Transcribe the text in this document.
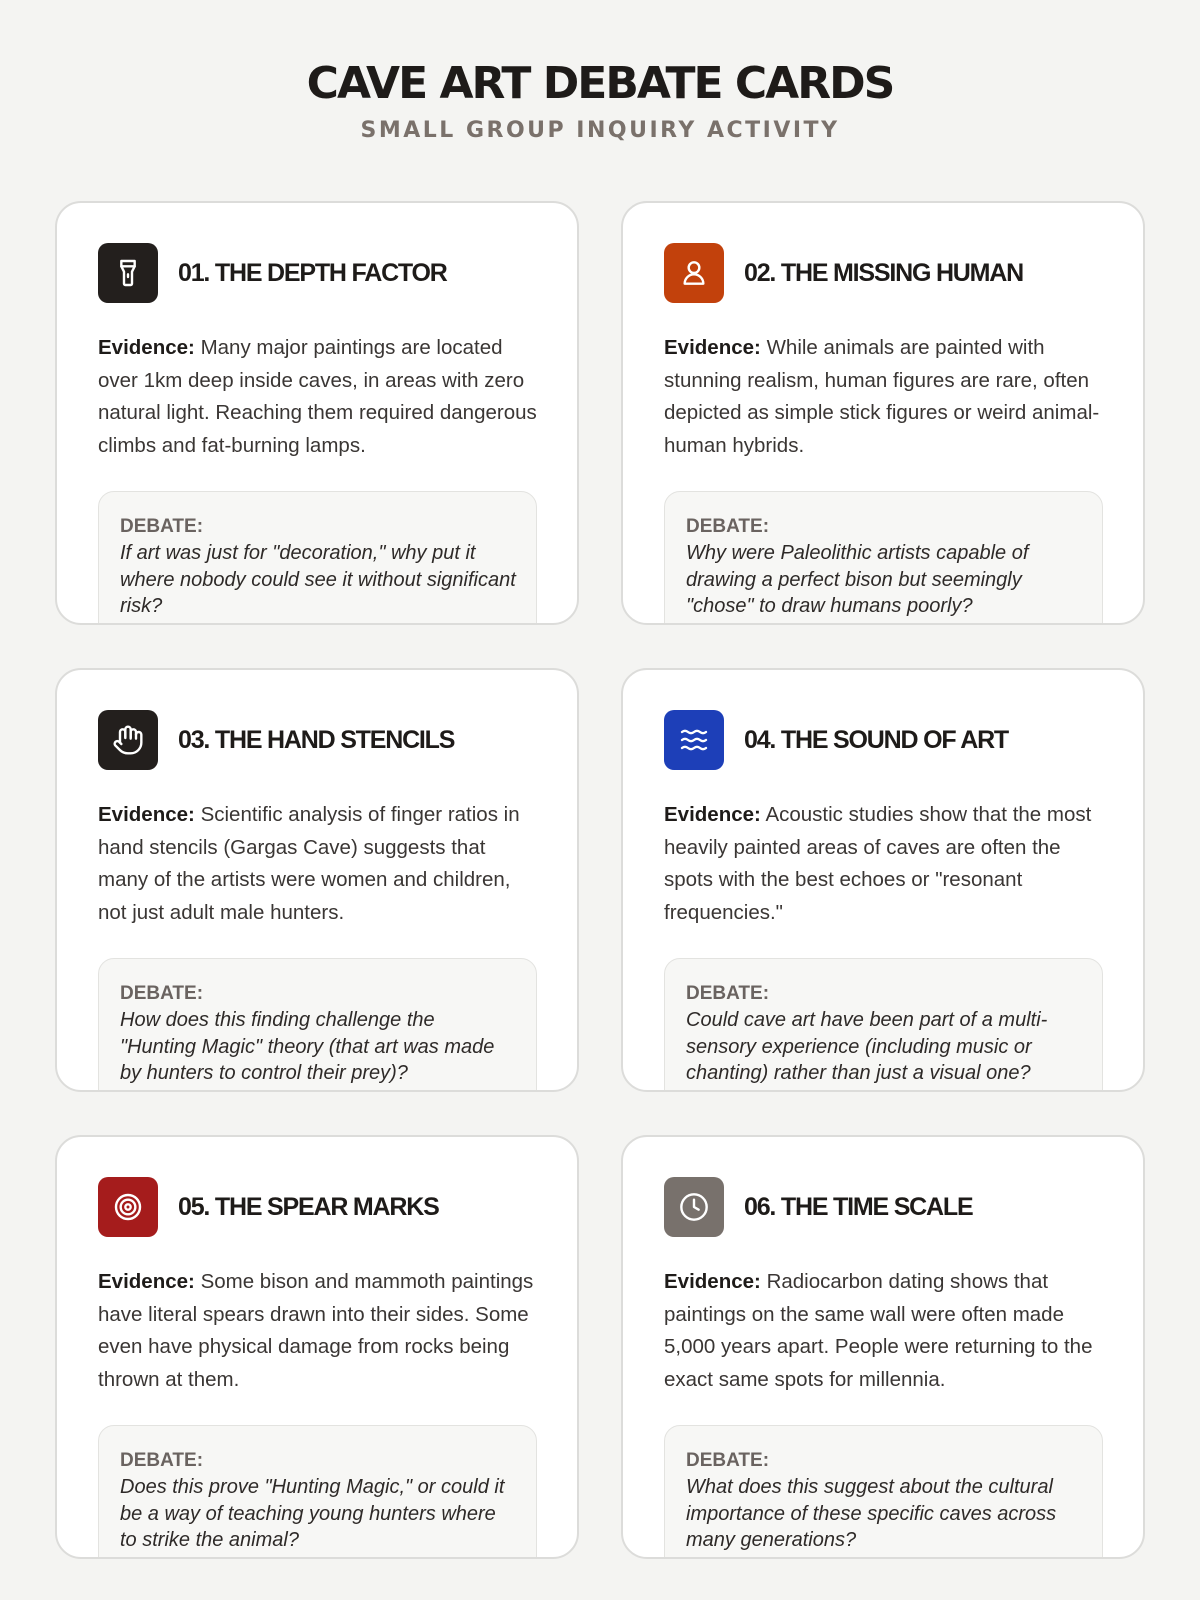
CAVE ART DEBATE CARDS
SMALL GROUP INQUIRY ACTIVITY
01. THE DEPTH FACTOR
Evidence: Many major paintings are located over 1km deep inside caves, in areas with zero natural light. Reaching them required dangerous climbs and fat-burning lamps.
DEBATE:
If art was just for "decoration," why put it where nobody could see it without significant risk?
02. THE MISSING HUMAN
Evidence: While animals are painted with stunning realism, human figures are rare, often depicted as simple stick figures or weird animal-human hybrids.
DEBATE:
Why were Paleolithic artists capable of drawing a perfect bison but seemingly "chose" to draw humans poorly?
03. THE HAND STENCILS
Evidence: Scientific analysis of finger ratios in hand stencils (Gargas Cave) suggests that many of the artists were women and children, not just adult male hunters.
DEBATE:
How does this finding challenge the "Hunting Magic" theory (that art was made by hunters to control their prey)?
04. THE SOUND OF ART
Evidence: Acoustic studies show that the most heavily painted areas of caves are often the spots with the best echoes or "resonant frequencies."
DEBATE:
Could cave art have been part of a multi-sensory experience (including music or chanting) rather than just a visual one?
05. THE SPEAR MARKS
Evidence: Some bison and mammoth paintings have literal spears drawn into their sides. Some even have physical damage from rocks being thrown at them.
DEBATE:
Does this prove "Hunting Magic," or could it be a way of teaching young hunters where to strike the animal?
06. THE TIME SCALE
Evidence: Radiocarbon dating shows that paintings on the same wall were often made 5,000 years apart. People were returning to the exact same spots for millennia.
DEBATE:
What does this suggest about the cultural importance of these specific caves across many generations?
